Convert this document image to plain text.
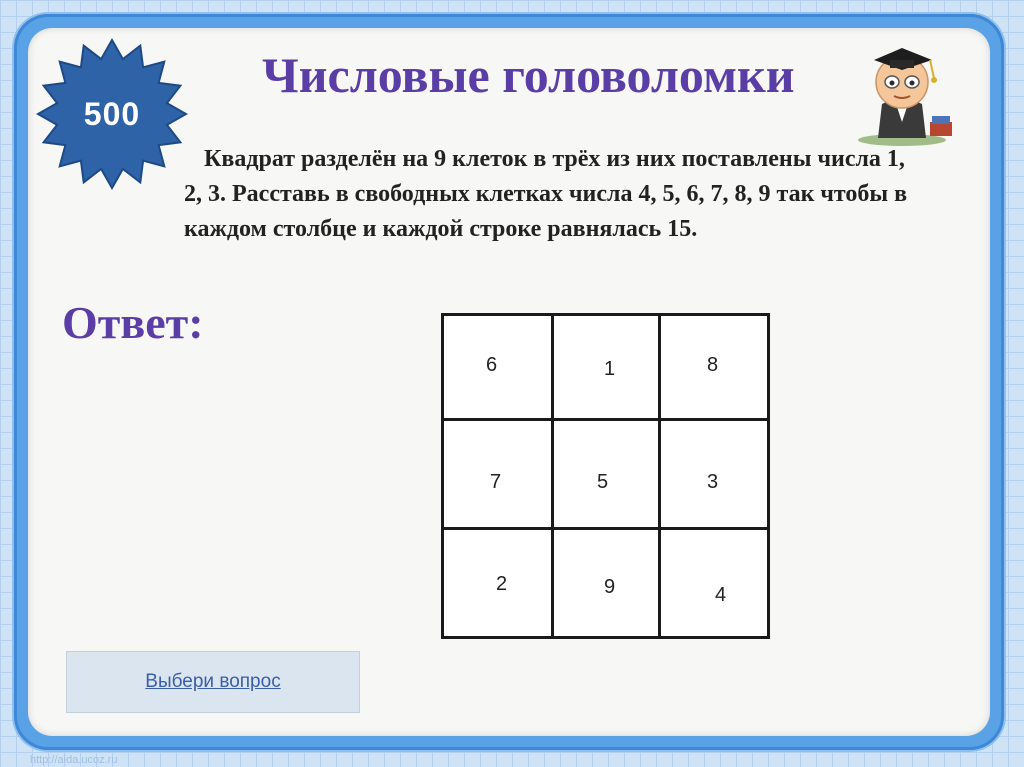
500
Числовые головоломки
Квадрат разделён на 9 клеток в трёх из них поставлены числа 1, 2, 3. Расставь в свободных клетках числа 4, 5, 6, 7, 8, 9 так чтобы в каждом столбце и каждой строке равнялась 15.
Ответ:
6	1	8
7	5	3
2	9	4
Выбери вопрос
http://aida.ucoz.ru
